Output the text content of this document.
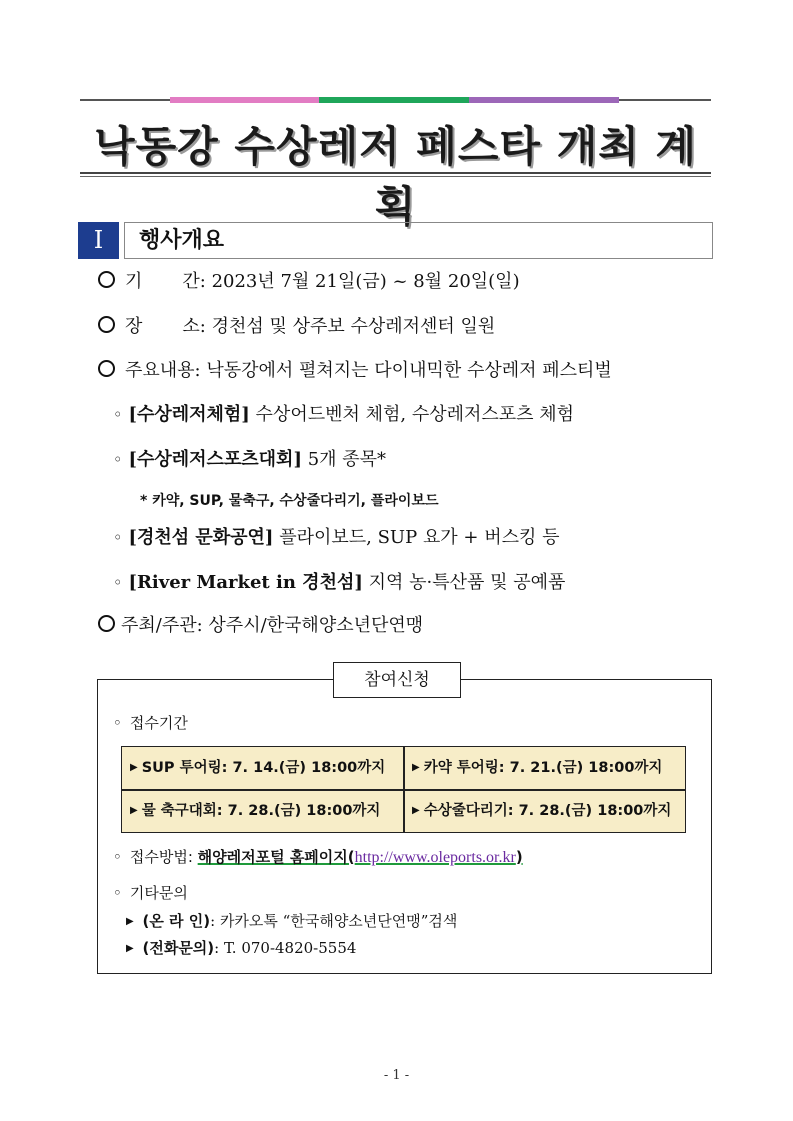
낙동강 수상레저 페스타 개최 계획
Ⅰ	행사개요
기 간: 2023년 7월 21일(금) ~ 8월 20일(일)
장 소: 경천섬 및 상주보 수상레저센터 일원
주요내용: 낙동강에서 펼쳐지는 다이내믹한 수상레저 페스티벌
◦ [수상레저체험] 수상어드벤처 체험, 수상레저스포츠 체험
◦ [수상레저스포츠대회] 5개 종목*
* 카약, SUP, 물축구, 수상줄다리기, 플라이보드
◦ [경천섬 문화공연] 플라이보드, SUP 요가 + 버스킹 등
◦ [River Market in 경천섬] 지역 농·특산품 및 공예품
주최/주관: 상주시/한국해양소년단연맹
참여신청
◦ 접수기간
▶ SUP 투어링: 7. 14.(금) 18:00까지	▶ 카약 투어링: 7. 21.(금) 18:00까지
▶ 물 축구대회: 7. 28.(금) 18:00까지	▶ 수상줄다리기: 7. 28.(금) 18:00까지
◦ 접수방법: 해양레저포털 홈페이지(http://www.oleports.or.kr)
◦ 기타문의
▶ (온 라 인): 카카오톡 “한국해양소년단연맹”검색
▶ (전화문의): T. 070-4820-5554
- 1 -
